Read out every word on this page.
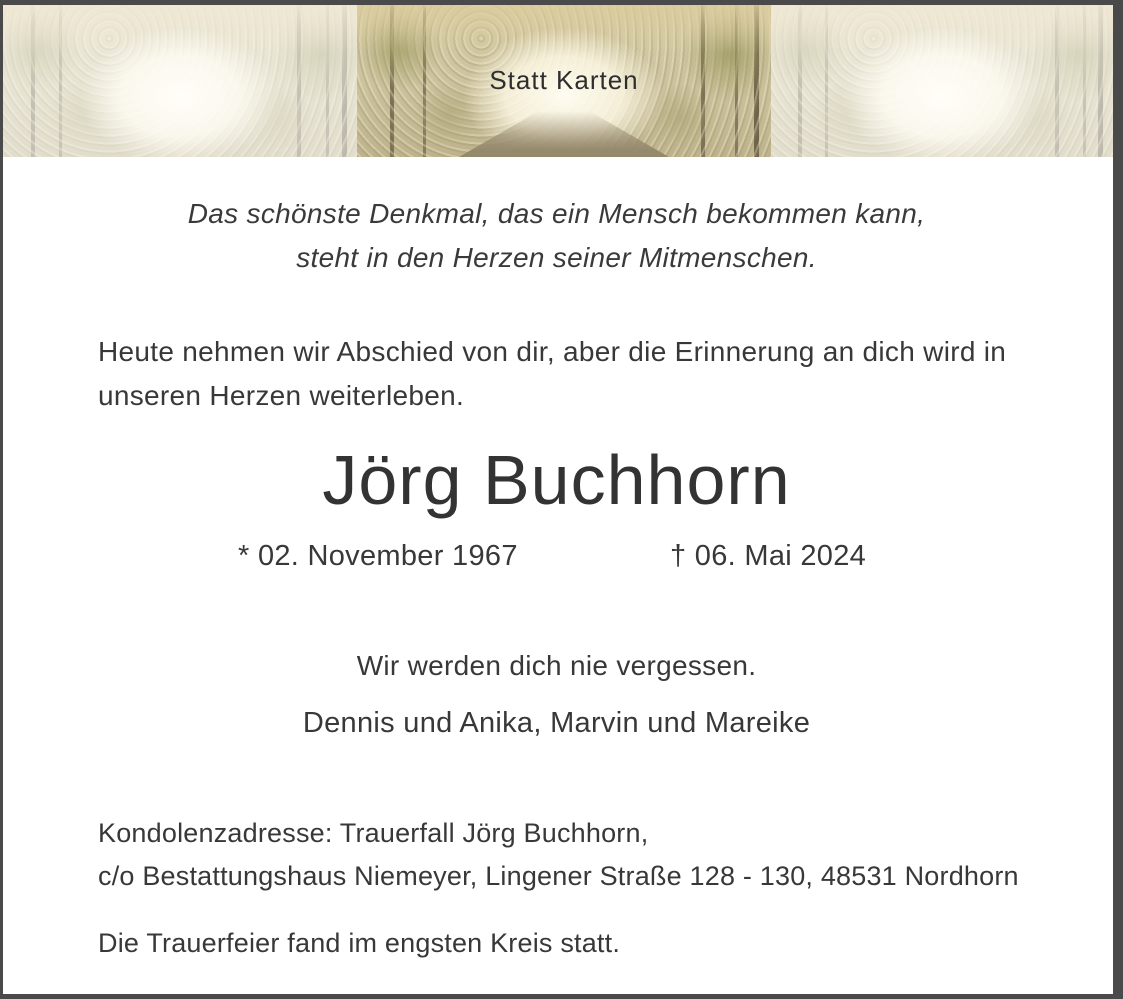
Statt Karten
Das schönste Denkmal, das ein Mensch bekommen kann,
steht in den Herzen seiner Mitmenschen.
Heute nehmen wir Abschied von dir, aber die Erinnerung an dich wird in
unseren Herzen weiterleben.
Jörg Buchhorn
* 02. November 1967	† 06. Mai 2024
Wir werden dich nie vergessen.
Dennis und Anika, Marvin und Mareike
Kondolenzadresse: Trauerfall Jörg Buchhorn,
c/o Bestattungshaus Niemeyer, Lingener Straße 128 - 130, 48531 Nordhorn
Die Trauerfeier fand im engsten Kreis statt.
